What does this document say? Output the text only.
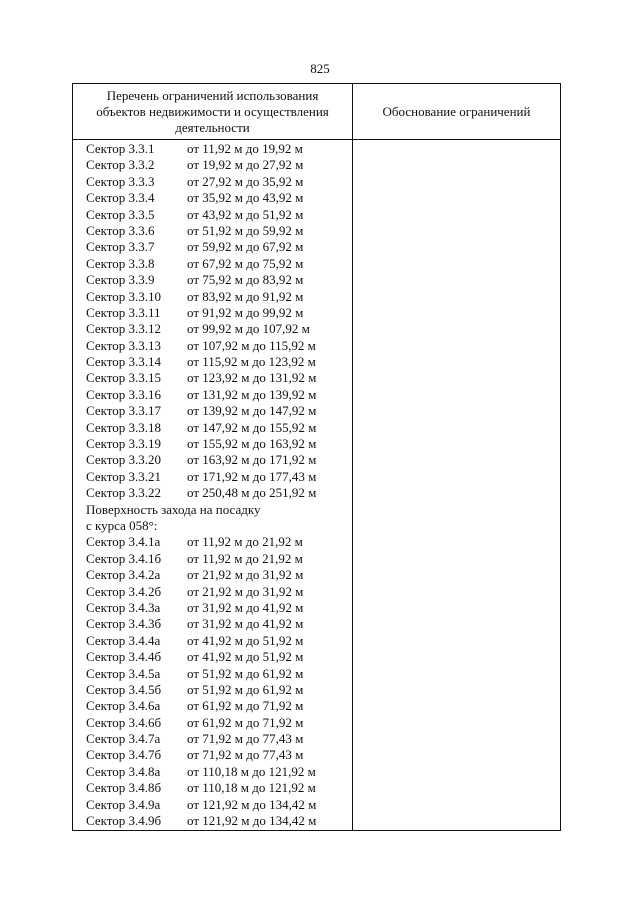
825
Перечень ограничений использования
объектов недвижимости и осуществления
деятельности
Обоснование ограничений
Сектор 3.3.1	от 11,92 м до 19,92 м
Сектор 3.3.2	от 19,92 м до 27,92 м
Сектор 3.3.3	от 27,92 м до 35,92 м
Сектор 3.3.4	от 35,92 м до 43,92 м
Сектор 3.3.5	от 43,92 м до 51,92 м
Сектор 3.3.6	от 51,92 м до 59,92 м
Сектор 3.3.7	от 59,92 м до 67,92 м
Сектор 3.3.8	от 67,92 м до 75,92 м
Сектор 3.3.9	от 75,92 м до 83,92 м
Сектор 3.3.10	от 83,92 м до 91,92 м
Сектор 3.3.11	от 91,92 м до 99,92 м
Сектор 3.3.12	от 99,92 м до 107,92 м
Сектор 3.3.13	от 107,92 м до 115,92 м
Сектор 3.3.14	от 115,92 м до 123,92 м
Сектор 3.3.15	от 123,92 м до 131,92 м
Сектор 3.3.16	от 131,92 м до 139,92 м
Сектор 3.3.17	от 139,92 м до 147,92 м
Сектор 3.3.18	от 147,92 м до 155,92 м
Сектор 3.3.19	от 155,92 м до 163,92 м
Сектор 3.3.20	от 163,92 м до 171,92 м
Сектор 3.3.21	от 171,92 м до 177,43 м
Сектор 3.3.22	от 250,48 м до 251,92 м
Поверхность захода на посадку
с курса 058°:
Сектор 3.4.1а	от 11,92 м до 21,92 м
Сектор 3.4.1б	от 11,92 м до 21,92 м
Сектор 3.4.2а	от 21,92 м до 31,92 м
Сектор 3.4.2б	от 21,92 м до 31,92 м
Сектор 3.4.3а	от 31,92 м до 41,92 м
Сектор 3.4.3б	от 31,92 м до 41,92 м
Сектор 3.4.4а	от 41,92 м до 51,92 м
Сектор 3.4.4б	от 41,92 м до 51,92 м
Сектор 3.4.5а	от 51,92 м до 61,92 м
Сектор 3.4.5б	от 51,92 м до 61,92 м
Сектор 3.4.6а	от 61,92 м до 71,92 м
Сектор 3.4.6б	от 61,92 м до 71,92 м
Сектор 3.4.7а	от 71,92 м до 77,43 м
Сектор 3.4.7б	от 71,92 м до 77,43 м
Сектор 3.4.8а	от 110,18 м до 121,92 м
Сектор 3.4.8б	от 110,18 м до 121,92 м
Сектор 3.4.9а	от 121,92 м до 134,42 м
Сектор 3.4.9б	от 121,92 м до 134,42 м
